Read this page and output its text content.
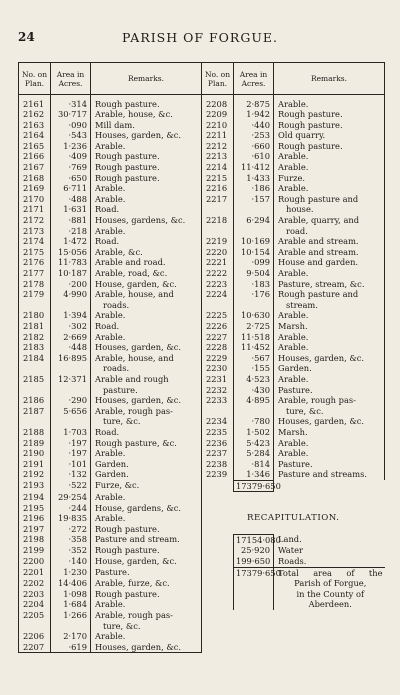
24	PARISH OF FORGUE.
No. on Plan.	Area in Acres.	Remarks.	No. on Plan.	Area in Acres.	Remarks.

2161	·314	Rough pasture.	2208	2·875	Arable.
2162	30·717	Arable, house, &c.	2209	1·942	Rough pasture.
2163	·090	Mill dam.	2210	·440	Rough pasture.
2164	·543	Houses, garden, &c.	2211	·253	Old quarry.
2165	1·236	Arable.	2212	·660	Rough pasture.
2166	·409	Rough pasture.	2213	·610	Arable.
2167	·769	Rough pasture.	2214	11·412	Arable.
2168	·650	Rough pasture.	2215	1·433	Furze.
2169	6·711	Arable.	2216	·186	Arable.
2170	·488	Arable.	2217	·157	Rough pasture and
2171	1·631	Road.			house.
2172	·881	Houses, gardens, &c.	2218	6·294	Arable, quarry, and
2173	·218	Arable.			road.
2174	1·472	Road.	2219	10·169	Arable and stream.
2175	15·056	Arable, &c.	2220	10·154	Arable and stream.
2176	11·783	Arable and road.	2221	·099	House and garden.
2177	10·187	Arable, road, &c.	2222	9·504	Arable.
2178	·200	House, garden, &c.	2223	·183	Pasture, stream, &c.
2179	4·990	Arable, house, and	2224	·176	Rough pasture and
		roads.			stream.
2180	1·394	Arable.	2225	10·630	Arable.
2181	·302	Road.	2226	2·725	Marsh.
2182	2·669	Arable.	2227	11·518	Arable.
2183	·448	Houses, garden, &c.	2228	11·452	Arable.
2184	16·895	Arable, house, and	2229	·567	Houses, garden, &c.
		roads.	2230	·155	Garden.
2185	12·371	Arable and rough	2231	4·523	Arable.
		pasture.	2232	·430	Pasture.
2186	·290	Houses, garden, &c.	2233	4·895	Arable, rough pas-
2187	5·656	Arable, rough pas-			ture, &c.
		ture, &c.	2234	·780	Houses, garden, &c.
2188	1·703	Road.	2235	1·502	Marsh.
2189	·197	Rough pasture, &c.	2236	5·423	Arable.
2190	·197	Arable.	2237	5·284	Arable.
2191	·101	Garden.	2238	·814	Pasture.
2192	·132	Garden.	2239	1·346	Pasture and streams.
2193	·522	Furze, &c.		17379·650	
2194	29·254	Arable.			
2195	·244	House, gardens, &c.			
2196	19·835	Arable.	RECAPITULATION.		
2197	·272	Rough pasture.			
2198	·358	Pasture and stream.		17154·080	Land.
2199	·352	Rough pasture.		25·920	Water
2200	·140	House, garden, &c.		199·650	Roads.
2201	1·230	Pasture.		17379·650	Total area of the
2202	14·406	Arable, furze, &c.			Parish of Forgue,
2203	1·098	Rough pasture.			in the County of
2204	1·684	Arable.			Aberdeen.
2205	1·266	Arable, rough pas-			
		ture, &c.			
2206	2·170	Arable.			
2207	·619	Houses, garden, &c.			
